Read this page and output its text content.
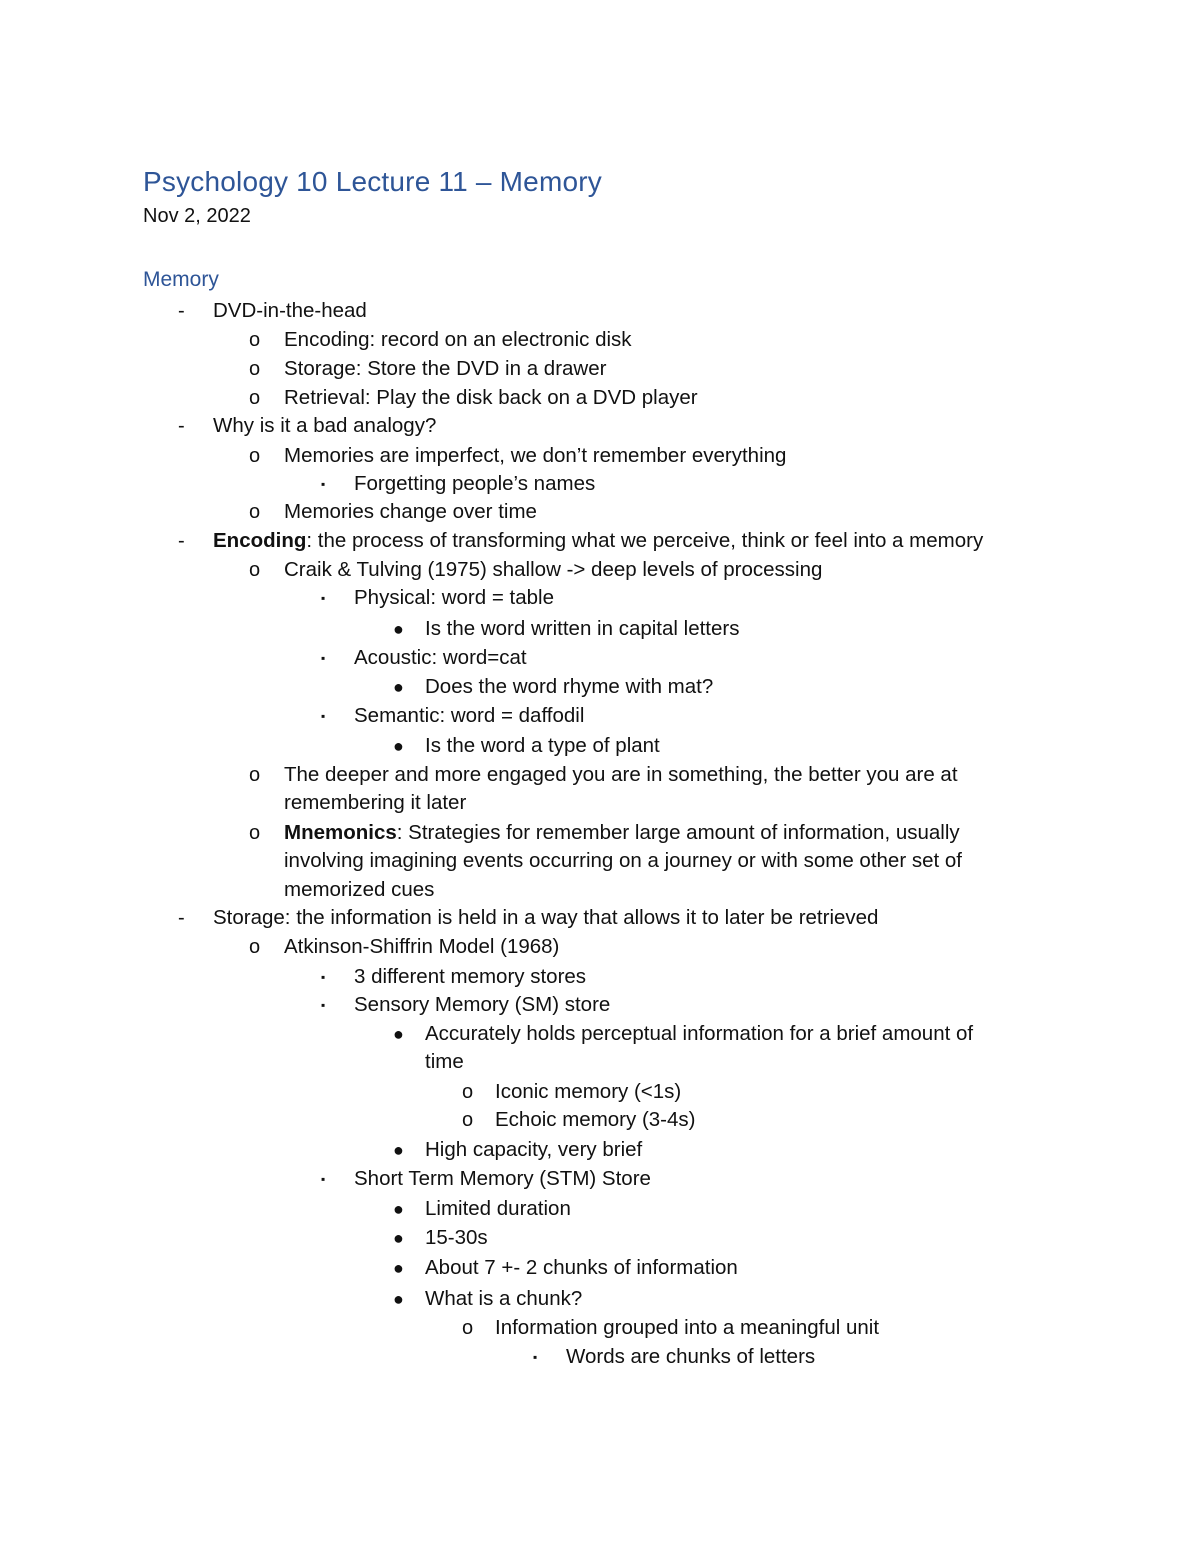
Psychology 10 Lecture 11 – Memory
Nov 2, 2022
Memory
- DVD-in-the-head
o Encoding: record on an electronic disk
o Storage: Store the DVD in a drawer
o Retrieval: Play the disk back on a DVD player
- Why is it a bad analogy?
o Memories are imperfect, we don’t remember everything
▪ Forgetting people’s names
o Memories change over time
- Encoding: the process of transforming what we perceive, think or feel into a memory
o Craik & Tulving (1975) shallow -> deep levels of processing
▪ Physical: word = table
● Is the word written in capital letters
▪ Acoustic: word=cat
● Does the word rhyme with mat?
▪ Semantic: word = daffodil
● Is the word a type of plant
o The deeper and more engaged you are in something, the better you are at
remembering it later
o Mnemonics: Strategies for remember large amount of information, usually
involving imagining events occurring on a journey or with some other set of
memorized cues
- Storage: the information is held in a way that allows it to later be retrieved
o Atkinson-Shiffrin Model (1968)
▪ 3 different memory stores
▪ Sensory Memory (SM) store
● Accurately holds perceptual information for a brief amount of
time
o Iconic memory (<1s)
o Echoic memory (3-4s)
● High capacity, very brief
▪ Short Term Memory (STM) Store
● Limited duration
● 15-30s
● About 7 +- 2 chunks of information
● What is a chunk?
o Information grouped into a meaningful unit
▪ Words are chunks of letters
